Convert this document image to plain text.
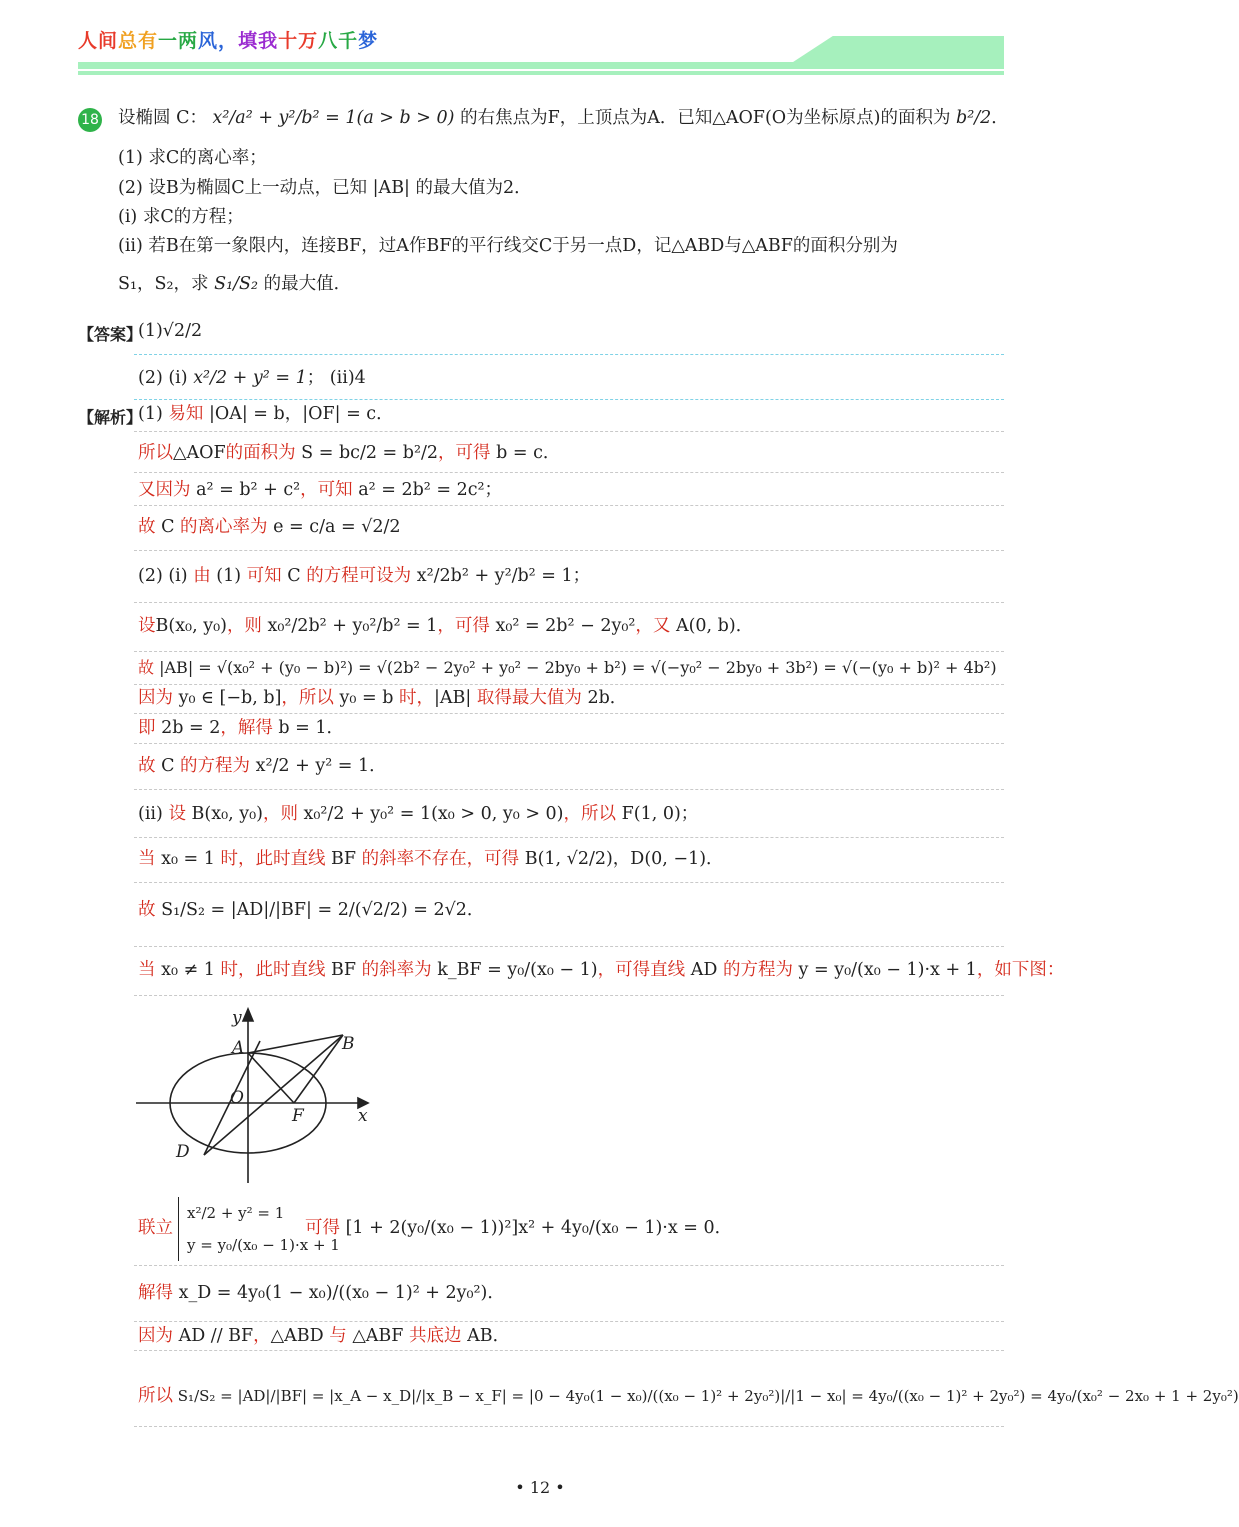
人间总有一两风，填我十万八千梦
18 设椭圆 C： x²/a² + y²/b² = 1(a > b > 0) 的右焦点为F，上顶点为A．已知△AOF(O为坐标原点)的面积为 b²/2．
(1) 求C的离心率；
(2) 设B为椭圆C上一动点，已知 |AB| 的最大值为2．
(i) 求C的方程；
(ii) 若B在第一象限内，连接BF，过A作BF的平行线交C于另一点D，记△ABD与△ABF的面积分别为
S₁，S₂，求 S₁/S₂ 的最大值．
【答案】
(1)√2/2
(2) (i) x²/2 + y² = 1； (ii)4
【解析】
(1) 易知 |OA| = b，|OF| = c．
所以△AOF的面积为 S = bc/2 = b²/2，可得 b = c．
又因为 a² = b² + c²，可知 a² = 2b² = 2c²；
故 C 的离心率为 e = c/a = √2/2
(2) (i) 由 (1) 可知 C 的方程可设为 x²/2b² + y²/b² = 1；
设B(x₀, y₀)，则 x₀²/2b² + y₀²/b² = 1，可得 x₀² = 2b² − 2y₀²，又 A(0, b)．
故 |AB| = √(x₀² + (y₀ − b)²) = √(2b² − 2y₀² + y₀² − 2by₀ + b²) = √(−y₀² − 2by₀ + 3b²) = √(−(y₀ + b)² + 4b²)
因为 y₀ ∈ [−b, b]，所以 y₀ = b 时，|AB| 取得最大值为 2b．
即 2b = 2，解得 b = 1．
故 C 的方程为 x²/2 + y² = 1．
(ii) 设 B(x₀, y₀)，则 x₀²/2 + y₀² = 1(x₀ > 0, y₀ > 0)，所以 F(1, 0)；
当 x₀ = 1 时，此时直线 BF 的斜率不存在，可得 B(1, √2/2)，D(0, −1)．
故 S₁/S₂ = |AD|/|BF| = 2/(√2/2) = 2√2．
当 x₀ ≠ 1 时，此时直线 BF 的斜率为 k_BF = y₀/(x₀ − 1)，可得直线 AD 的方程为 y = y₀/(x₀ − 1)·x + 1，如下图：
y
x
A	B
O
F
D
联立
x²/2 + y² = 1
y = y₀/(x₀ − 1)·x + 1
可得 [1 + 2(y₀/(x₀ − 1))²]x² + 4y₀/(x₀ − 1)·x = 0．
解得 x_D = 4y₀(1 − x₀)/((x₀ − 1)² + 2y₀²)．
因为 AD // BF，△ABD 与 △ABF 共底边 AB．
所以 S₁/S₂ = |AD|/|BF| = |x_A − x_D|/|x_B − x_F| = |0 − 4y₀(1 − x₀)/((x₀ − 1)² + 2y₀²)|/|1 − x₀| = 4y₀/((x₀ − 1)² + 2y₀²) = 4y₀/(x₀² − 2x₀ + 1 + 2y₀²)
• 12 •
